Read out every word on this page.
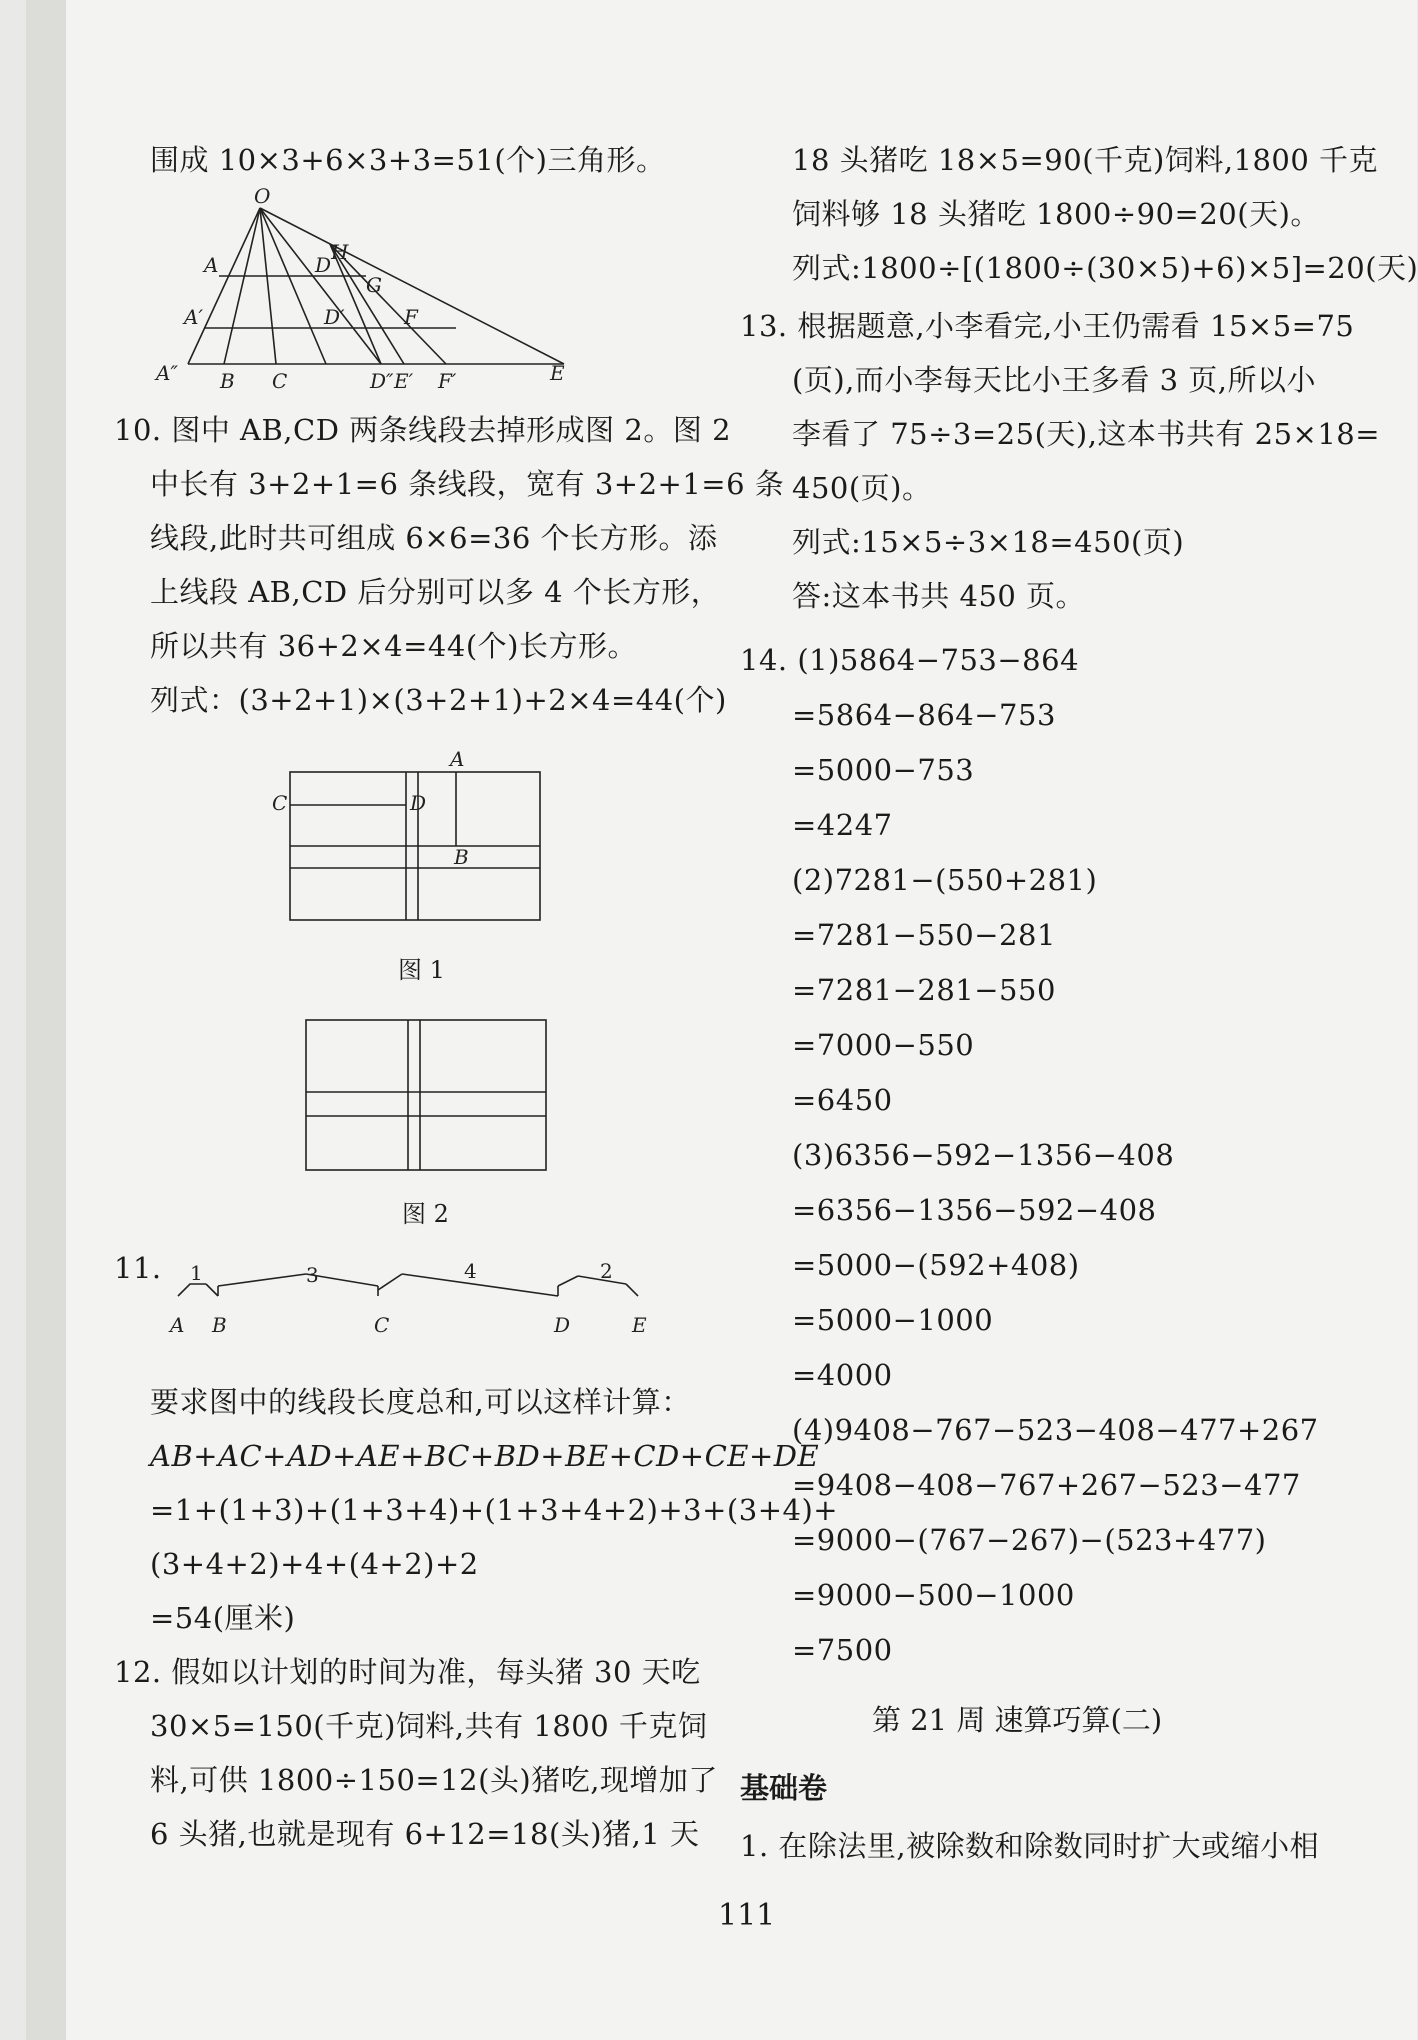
围成 10×3+6×3+3=51(个)三角形。
O
A	D
H
G
A′	D′	F
A″ B C	D″ E′ F′	E
10. 图中 AB,CD 两条线段去掉形成图 2。图 2
中长有 3+2+1=6 条线段，宽有 3+2+1=6 条
线段,此时共可组成 6×6=36 个长方形。添
上线段 AB,CD 后分别可以多 4 个长方形，
所以共有 36+2×4=44(个)长方形。
列式：(3+2+1)×(3+2+1)+2×4=44(个)
A
C	D
B
图 1
图 2
11. 1	3	4	2
A B	C	D	E
要求图中的线段长度总和,可以这样计算：
AB+AC+AD+AE+BC+BD+BE+CD+CE+DE
=1+(1+3)+(1+3+4)+(1+3+4+2)+3+(3+4)+
(3+4+2)+4+(4+2)+2
=54(厘米)
12. 假如以计划的时间为准，每头猪 30 天吃
30×5=150(千克)饲料,共有 1800 千克饲
料,可供 1800÷150=12(头)猪吃,现增加了
6 头猪,也就是现有 6+12=18(头)猪,1 天
18 头猪吃 18×5=90(千克)饲料,1800 千克
饲料够 18 头猪吃 1800÷90=20(天)。
列式:1800÷[(1800÷(30×5)+6)×5]=20(天)
13. 根据题意,小李看完,小王仍需看 15×5=75
(页),而小李每天比小王多看 3 页,所以小
李看了 75÷3=25(天),这本书共有 25×18=
450(页)。
列式:15×5÷3×18=450(页)
答:这本书共 450 页。
14. (1)5864−753−864
=5864−864−753
=5000−753
=4247
(2)7281−(550+281)
=7281−550−281
=7281−281−550
=7000−550
=6450
(3)6356−592−1356−408
=6356−1356−592−408
=5000−(592+408)
=5000−1000
=4000
(4)9408−767−523−408−477+267
=9408−408−767+267−523−477
=9000−(767−267)−(523+477)
=9000−500−1000
=7500
第 21 周 速算巧算(二)
基础卷
1. 在除法里,被除数和除数同时扩大或缩小相
111
